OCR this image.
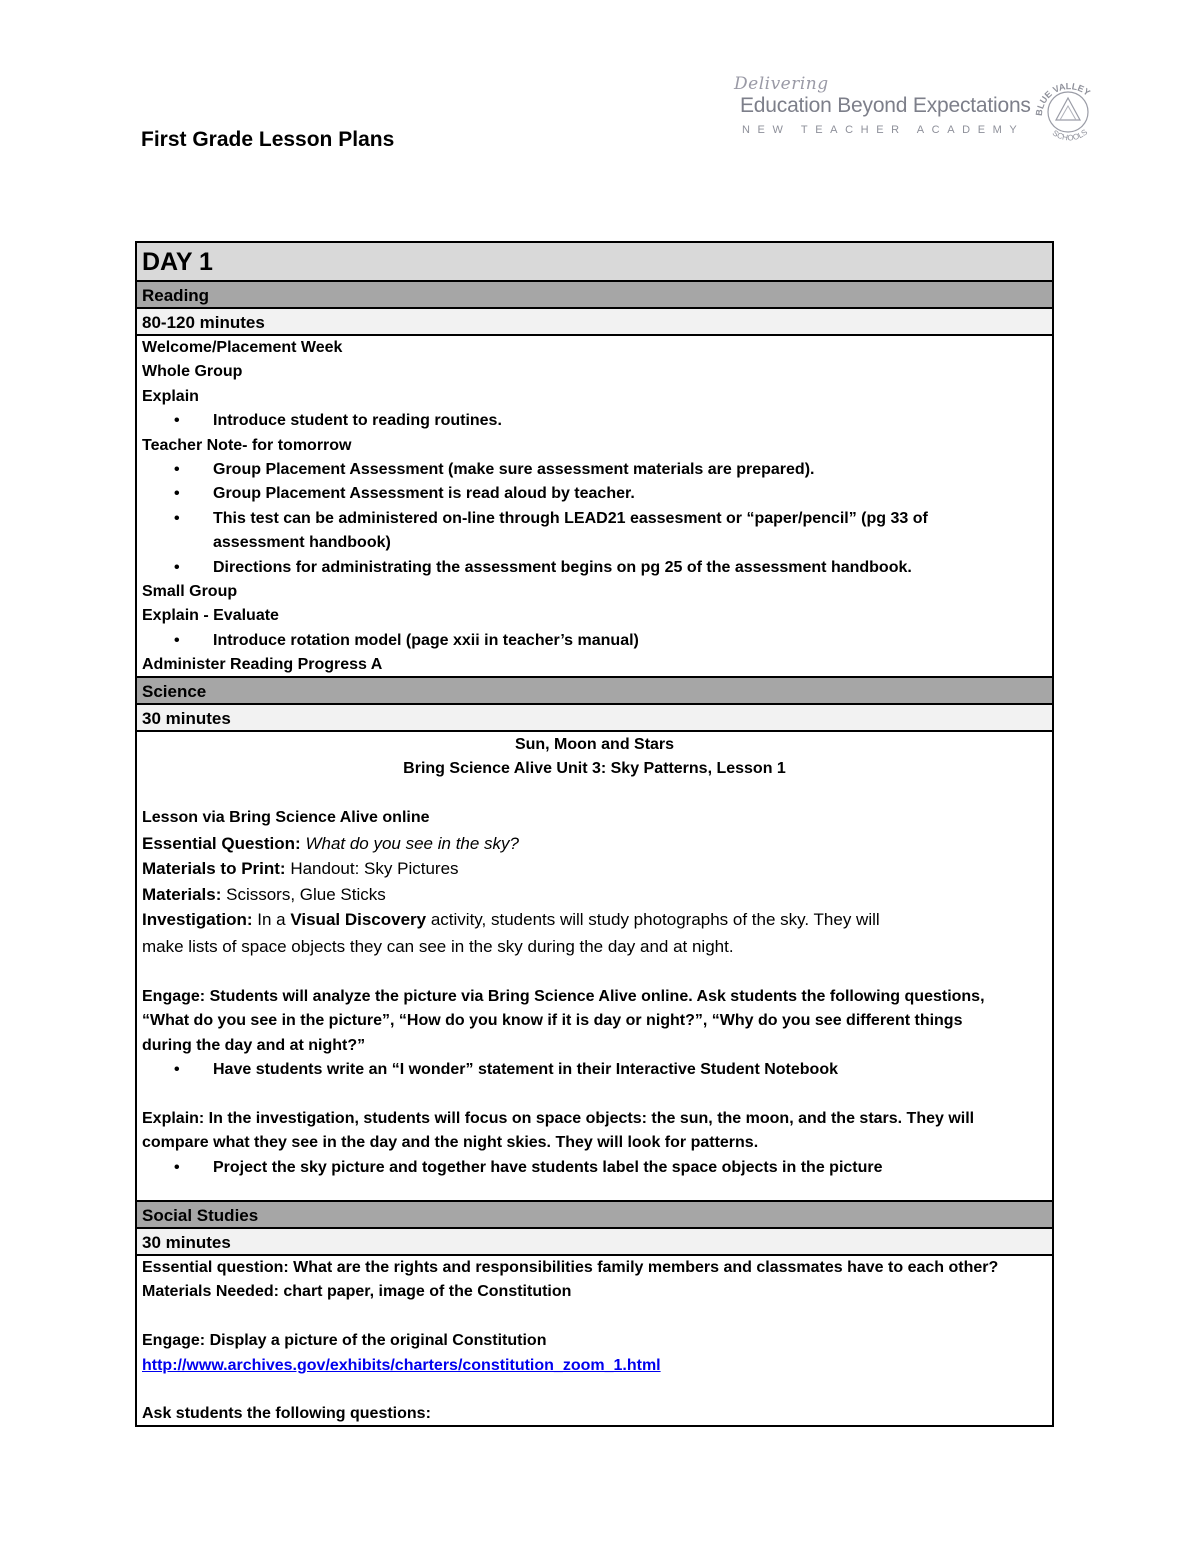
First Grade Lesson Plans
Delivering
Education Beyond Expectations
NEW TEACHER ACADEMY
BLUE VALLEY
SCHOOLS
DAY 1
Reading
80-120 minutes
Welcome/Placement Week
Whole Group
Explain
• Introduce student to reading routines.
Teacher Note- for tomorrow
• Group Placement Assessment (make sure assessment materials are prepared).
• Group Placement Assessment is read aloud by teacher.
• This test can be administered on-line through LEAD21 eassesment or “paper/pencil” (pg 33 of
assessment handbook)
• Directions for administrating the assessment begins on pg 25 of the assessment handbook.
Small Group
Explain - Evaluate
• Introduce rotation model (page xxii in teacher’s manual)
Administer Reading Progress A
Science
30 minutes
Sun, Moon and Stars
Bring Science Alive Unit 3: Sky Patterns, Lesson 1
Lesson via Bring Science Alive online
Essential Question: What do you see in the sky?
Materials to Print: Handout: Sky Pictures
Materials: Scissors, Glue Sticks
Investigation: In a Visual Discovery activity, students will study photographs of the sky. They will
make lists of space objects they can see in the sky during the day and at night.
Engage: Students will analyze the picture via Bring Science Alive online. Ask students the following questions,
“What do you see in the picture”, “How do you know if it is day or night?”, “Why do you see different things
during the day and at night?”
• Have students write an “I wonder” statement in their Interactive Student Notebook
Explain: In the investigation, students will focus on space objects: the sun, the moon, and the stars. They will
compare what they see in the day and the night skies. They will look for patterns.
• Project the sky picture and together have students label the space objects in the picture
Social Studies
30 minutes
Essential question: What are the rights and responsibilities family members and classmates have to each other?
Materials Needed: chart paper, image of the Constitution
Engage: Display a picture of the original Constitution
http://www.archives.gov/exhibits/charters/constitution_zoom_1.html
Ask students the following questions:
